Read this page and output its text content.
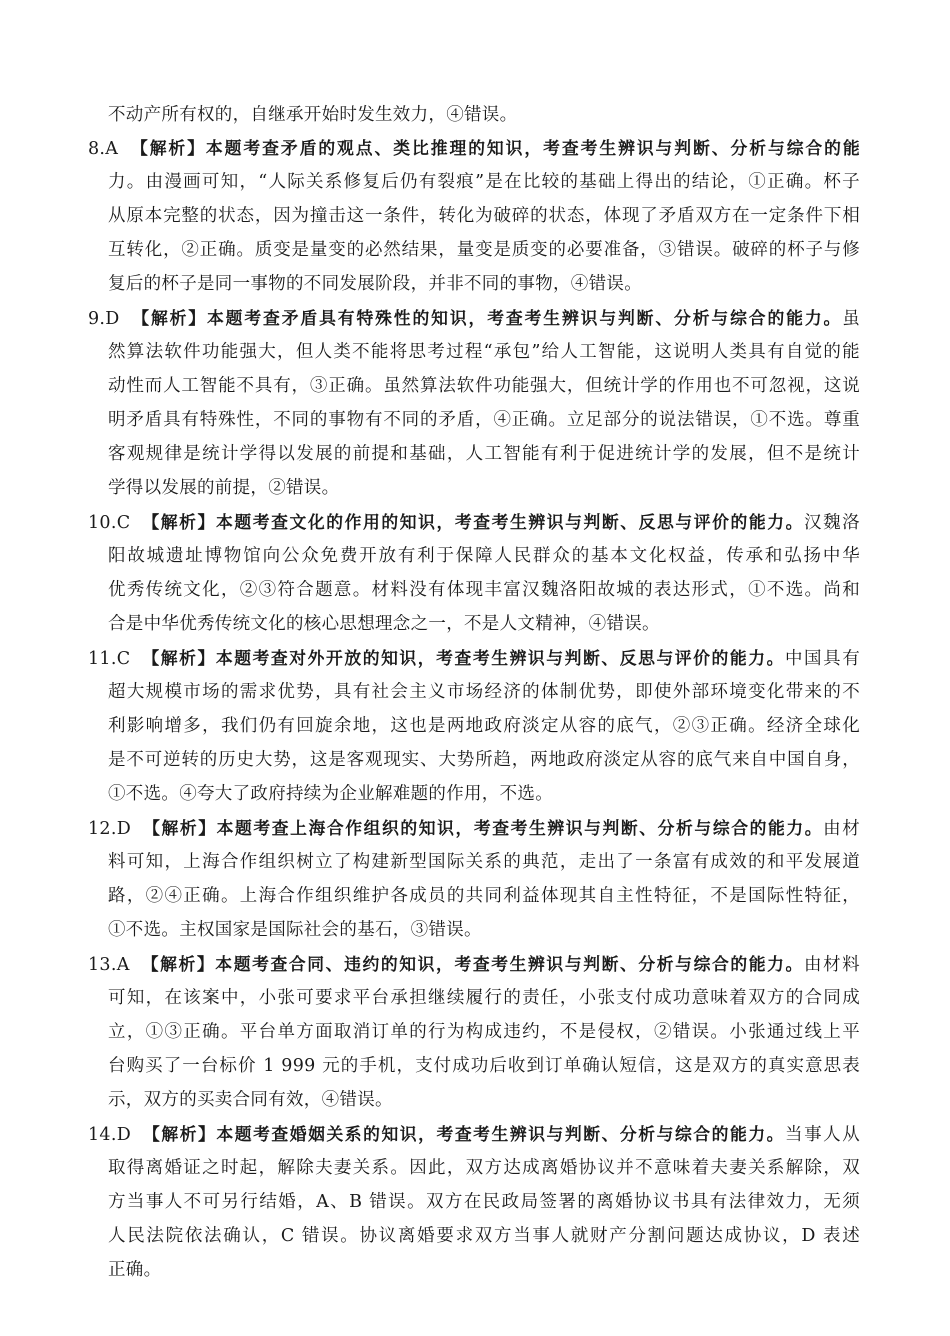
不动产所有权的，自继承开始时发生效力，④错误。
8.A　 【解析】本题考查矛盾的观点、类比推理的知识，考查考生辨识与判断、分析与综合的能
力。由漫画可知，“人际关系修复后仍有裂痕”是在比较的基础上得出的结论，①正确。杯子
从原本完整的状态，因为撞击这一条件，转化为破碎的状态，体现了矛盾双方在一定条件下相
互转化，②正确。质变是量变的必然结果，量变是质变的必要准备，③错误。破碎的杯子与修
复后的杯子是同一事物的不同发展阶段，并非不同的事物，④错误。
9.D　 【解析】本题考查矛盾具有特殊性的知识，考查考生辨识与判断、分析与综合的能力。虽
然算法软件功能强大，但人类不能将思考过程“承包”给人工智能，这说明人类具有自觉的能
动性而人工智能不具有，③正确。虽然算法软件功能强大，但统计学的作用也不可忽视，这说
明矛盾具有特殊性，不同的事物有不同的矛盾，④正确。立足部分的说法错误，①不选。尊重
客观规律是统计学得以发展的前提和基础，人工智能有利于促进统计学的发展，但不是统计
学得以发展的前提，②错误。
10.C　 【解析】本题考查文化的作用的知识，考查考生辨识与判断、反思与评价的能力。汉魏洛
阳故城遗址博物馆向公众免费开放有利于保障人民群众的基本文化权益，传承和弘扬中华
优秀传统文化，②③符合题意。材料没有体现丰富汉魏洛阳故城的表达形式，①不选。尚和
合是中华优秀传统文化的核心思想理念之一，不是人文精神，④错误。
11.C　 【解析】本题考查对外开放的知识，考查考生辨识与判断、反思与评价的能力。中国具有
超大规模市场的需求优势，具有社会主义市场经济的体制优势，即使外部环境变化带来的不
利影响增多，我们仍有回旋余地，这也是两地政府淡定从容的底气，②③正确。经济全球化
是不可逆转的历史大势，这是客观现实、大势所趋，两地政府淡定从容的底气来自中国自身，
①不选。④夸大了政府持续为企业解难题的作用，不选。
12.D　 【解析】本题考查上海合作组织的知识，考查考生辨识与判断、分析与综合的能力。由材
料可知，上海合作组织树立了构建新型国际关系的典范，走出了一条富有成效的和平发展道
路，②④正确。上海合作组织维护各成员的共同利益体现其自主性特征，不是国际性特征，
①不选。主权国家是国际社会的基石，③错误。
13.A　 【解析】本题考查合同、违约的知识，考查考生辨识与判断、分析与综合的能力。由材料
可知，在该案中，小张可要求平台承担继续履行的责任，小张支付成功意味着双方的合同成
立，①③正确。平台单方面取消订单的行为构成违约，不是侵权，②错误。小张通过线上平
台购买了一台标价 1 999 元的手机，支付成功后收到订单确认短信，这是双方的真实意思表
示，双方的买卖合同有效，④错误。
14.D　 【解析】本题考查婚姻关系的知识，考查考生辨识与判断、分析与综合的能力。当事人从
取得离婚证之时起，解除夫妻关系。因此，双方达成离婚协议并不意味着夫妻关系解除，双
方当事人不可另行结婚，A、B 错误。双方在民政局签署的离婚协议书具有法律效力，无须
人民法院依法确认，C 错误。协议离婚要求双方当事人就财产分割问题达成协议，D 表述
正确。
